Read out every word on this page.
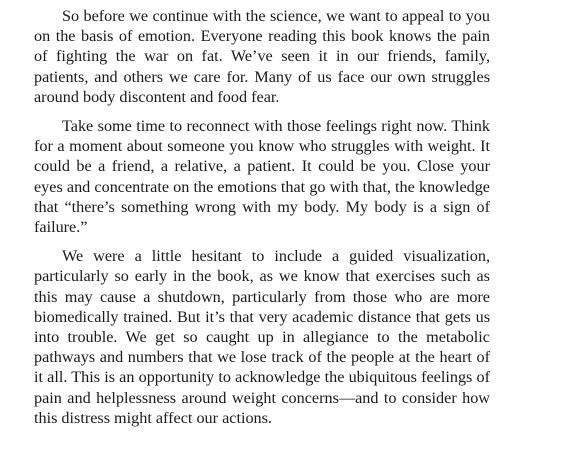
So before we continue with the science, we want to appeal to you on the basis of emotion. Everyone reading this book knows the pain of fighting the war on fat. We’ve seen it in our friends, family, patients, and others we care for. Many of us face our own struggles around body discontent and food fear.

Take some time to reconnect with those feelings right now. Think for a moment about someone you know who struggles with weight. It could be a friend, a relative, a patient. It could be you. Close your eyes and concentrate on the emotions that go with that, the knowledge that “there’s something wrong with my body. My body is a sign of failure.”

We were a little hesitant to include a guided visualization, particularly so early in the book, as we know that exercises such as this may cause a shutdown, particularly from those who are more biomedically trained. But it’s that very academic distance that gets us into trouble. We get so caught up in allegiance to the metabolic pathways and numbers that we lose track of the people at the heart of it all. This is an opportunity to acknowledge the ubiquitous feelings of pain and helplessness around weight concerns—and to consider how this distress might affect our actions.
